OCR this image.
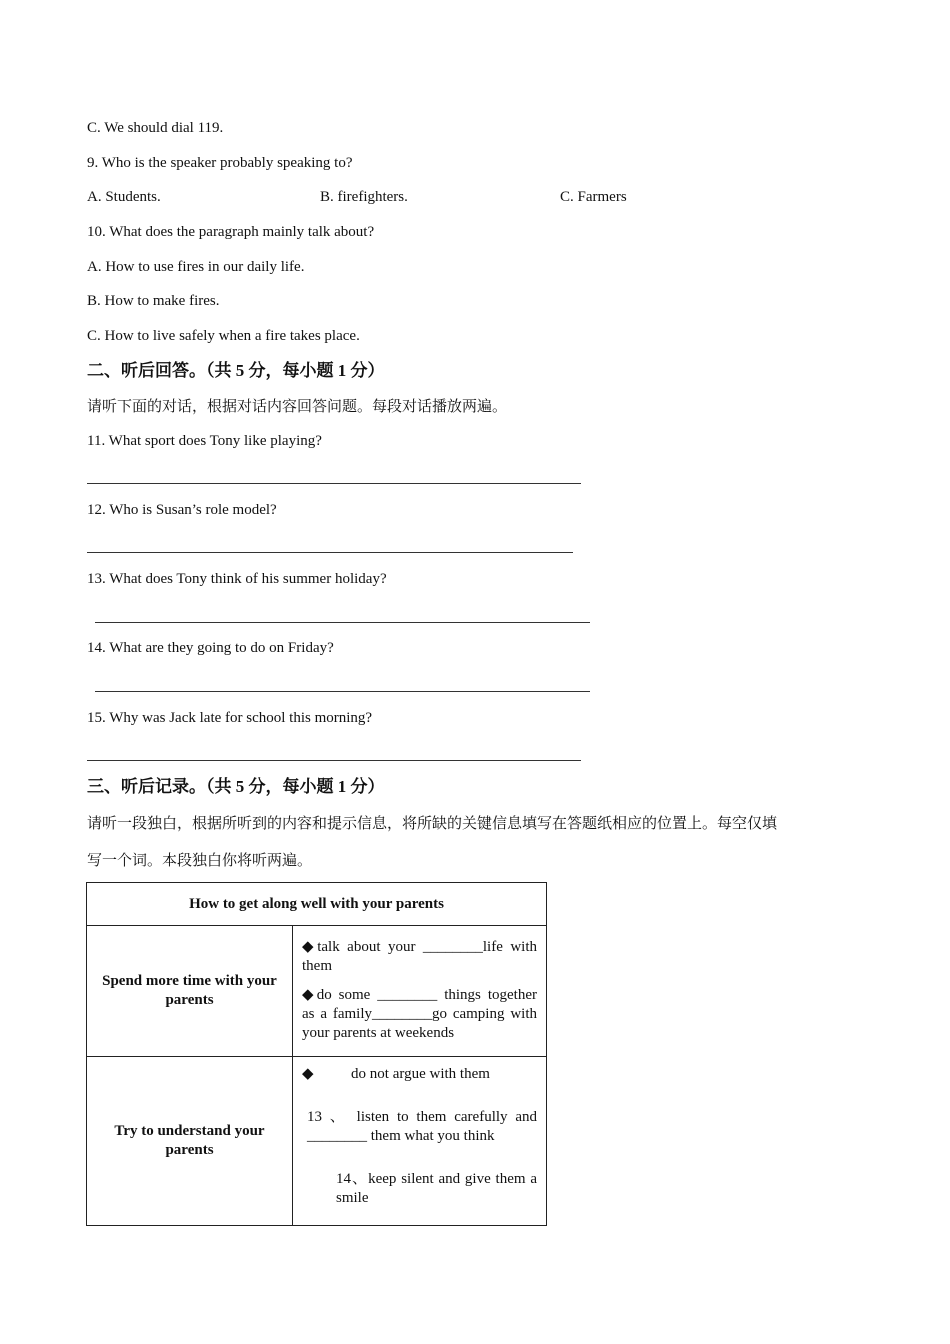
C. We should dial 119.
9. Who is the speaker probably speaking to?
A. Students.	B. firefighters.	C. Farmers
10. What does the paragraph mainly talk about?
A. How to use fires in our daily life.
B. How to make fires.
C. How to live safely when a fire takes place.
二、听后回答。（共 5 分，每小题 1 分）
请听下面的对话，根据对话内容回答问题。每段对话播放两遍。
11. What sport does Tony like playing?
12. Who is Susan’s role model?
13. What does Tony think of his summer holiday?
14. What are they going to do on Friday?
15. Why was Jack late for school this morning?
三、听后记录。（共 5 分，每小题 1 分）
请听一段独白，根据所听到的内容和提示信息，将所缺的关键信息填写在答题纸相应的位置上。每空仅填
写一个词。本段独白你将听两遍。
How to get along well with your parents	
Spend more time with your parents	◆talk about your ________life with them

◆do some ________ things together as a family________go camping with your parents at weekends

Try to understand your parents	◆          do not argue with them

13 、 listen to them carefully and ________ them what you think

14、keep silent and give them a smile
